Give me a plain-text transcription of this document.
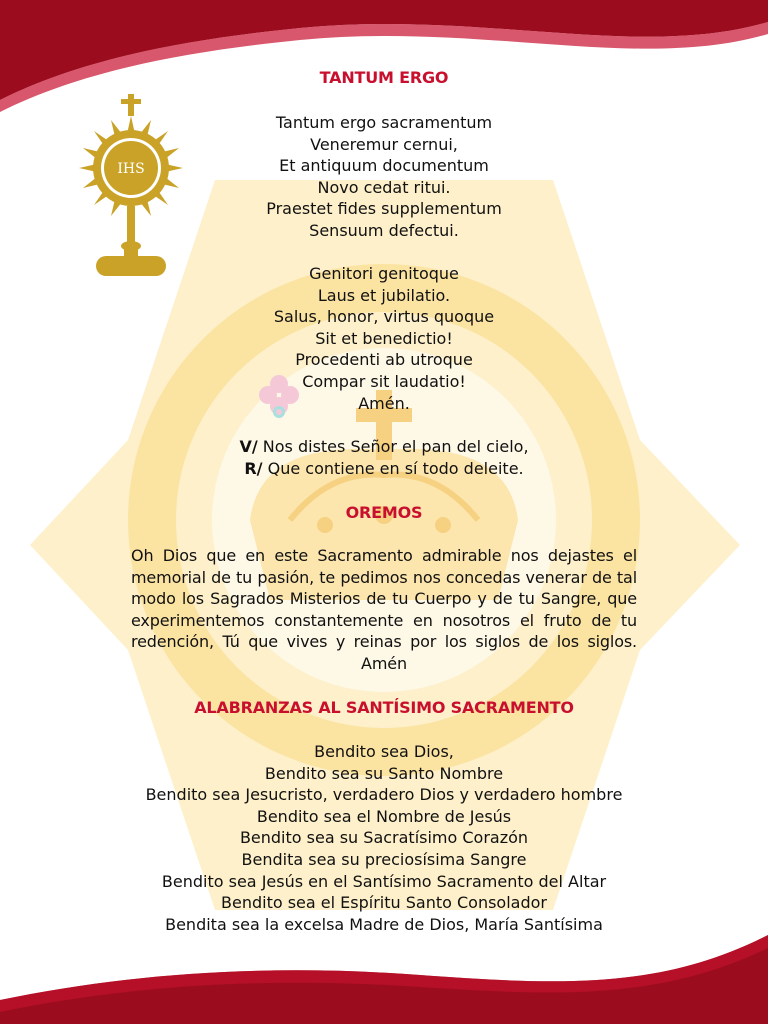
IHS
TANTUM ERGO
Tantum ergo sacramentum
Veneremur cernui,
Et antiquum documentum
Novo cedat ritui.
Praestet fides supplementum
Sensuum defectui.
Genitori genitoque
Laus et jubilatio.
Salus, honor, virtus quoque
Sit et benedictio!
Procedenti ab utroque
Compar sit laudatio!
Amén.
V/ Nos distes Señor el pan del cielo,
R/ Que contiene en sí todo deleite.
OREMOS

Oh Dios que en este Sacramento admirable nos dejastes el memorial de tu pasión, te pedimos nos concedas venerar de tal modo los Sagrados Misterios de tu Cuerpo y de tu Sangre, que experimentemos constantemente en nosotros el fruto de tu redención, Tú que vives y reinas por los siglos de los siglos. Amén

ALABRANZAS AL SANTÍSIMO SACRAMENTO
Bendito sea Dios,
Bendito sea su Santo Nombre
Bendito sea Jesucristo, verdadero Dios y verdadero hombre
Bendito sea el Nombre de Jesús
Bendito sea su Sacratísimo Corazón
Bendita sea su preciosísima Sangre
Bendito sea Jesús en el Santísimo Sacramento del Altar
Bendito sea el Espíritu Santo Consolador
Bendita sea la excelsa Madre de Dios, María Santísima
